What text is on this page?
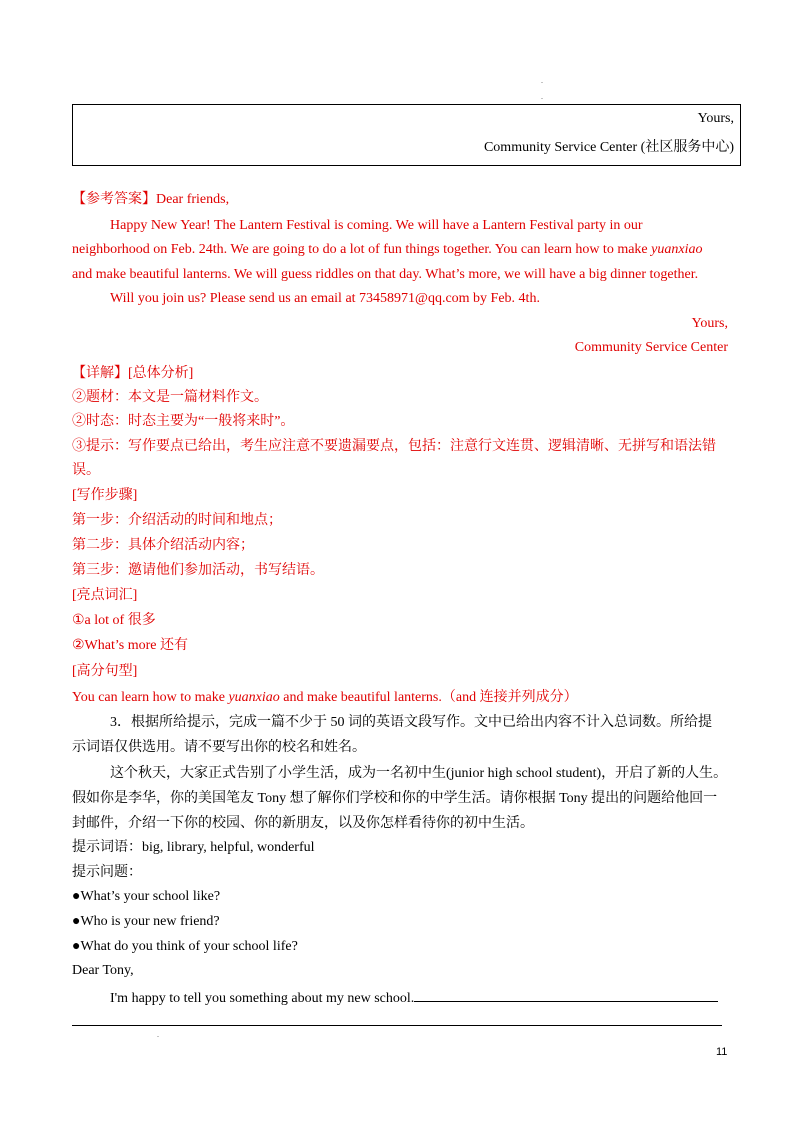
.
.
Yours,
Community Service Center (社区服务中心)
【参考答案】Dear friends,
Happy New Year! The Lantern Festival is coming. We will have a Lantern Festival party in our
neighborhood on Feb. 24th. We are going to do a lot of fun things together. You can learn how to make yuanxiao
and make beautiful lanterns. We will guess riddles on that day. What’s more, we will have a big dinner together.
Will you join us? Please send us an email at 73458971@qq.com by Feb. 4th.
Yours,
Community Service Center
【详解】[总体分析]
②题材：本文是一篇材料作文。
②时态：时态主要为“一般将来时”。
③提示：写作要点已给出，考生应注意不要遗漏要点，包括：注意行文连贯、逻辑清晰、无拼写和语法错
误。
[写作步骤]
第一步：介绍活动的时间和地点；
第二步：具体介绍活动内容；
第三步：邀请他们参加活动，书写结语。
[亮点词汇]
①a lot of 很多
②What’s more 还有
[高分句型]
You can learn how to make yuanxiao and make beautiful lanterns.（and 连接并列成分）
3．根据所给提示，完成一篇不少于 50 词的英语文段写作。文中已给出内容不计入总词数。所给提
示词语仅供选用。请不要写出你的校名和姓名。
这个秋天，大家正式告别了小学生活，成为一名初中生(junior high school student)，开启了新的人生。
假如你是李华，你的美国笔友 Tony 想了解你们学校和你的中学生活。请你根据 Tony 提出的问题给他回一
封邮件，介绍一下你的校园、你的新朋友，以及你怎样看待你的初中生活。
提示词语：big, library, helpful, wonderful
提示问题：
●What’s your school like?
●Who is your new friend?
●What do you think of your school life?
Dear Tony,
I'm happy to tell you something about my new school.
.
11
